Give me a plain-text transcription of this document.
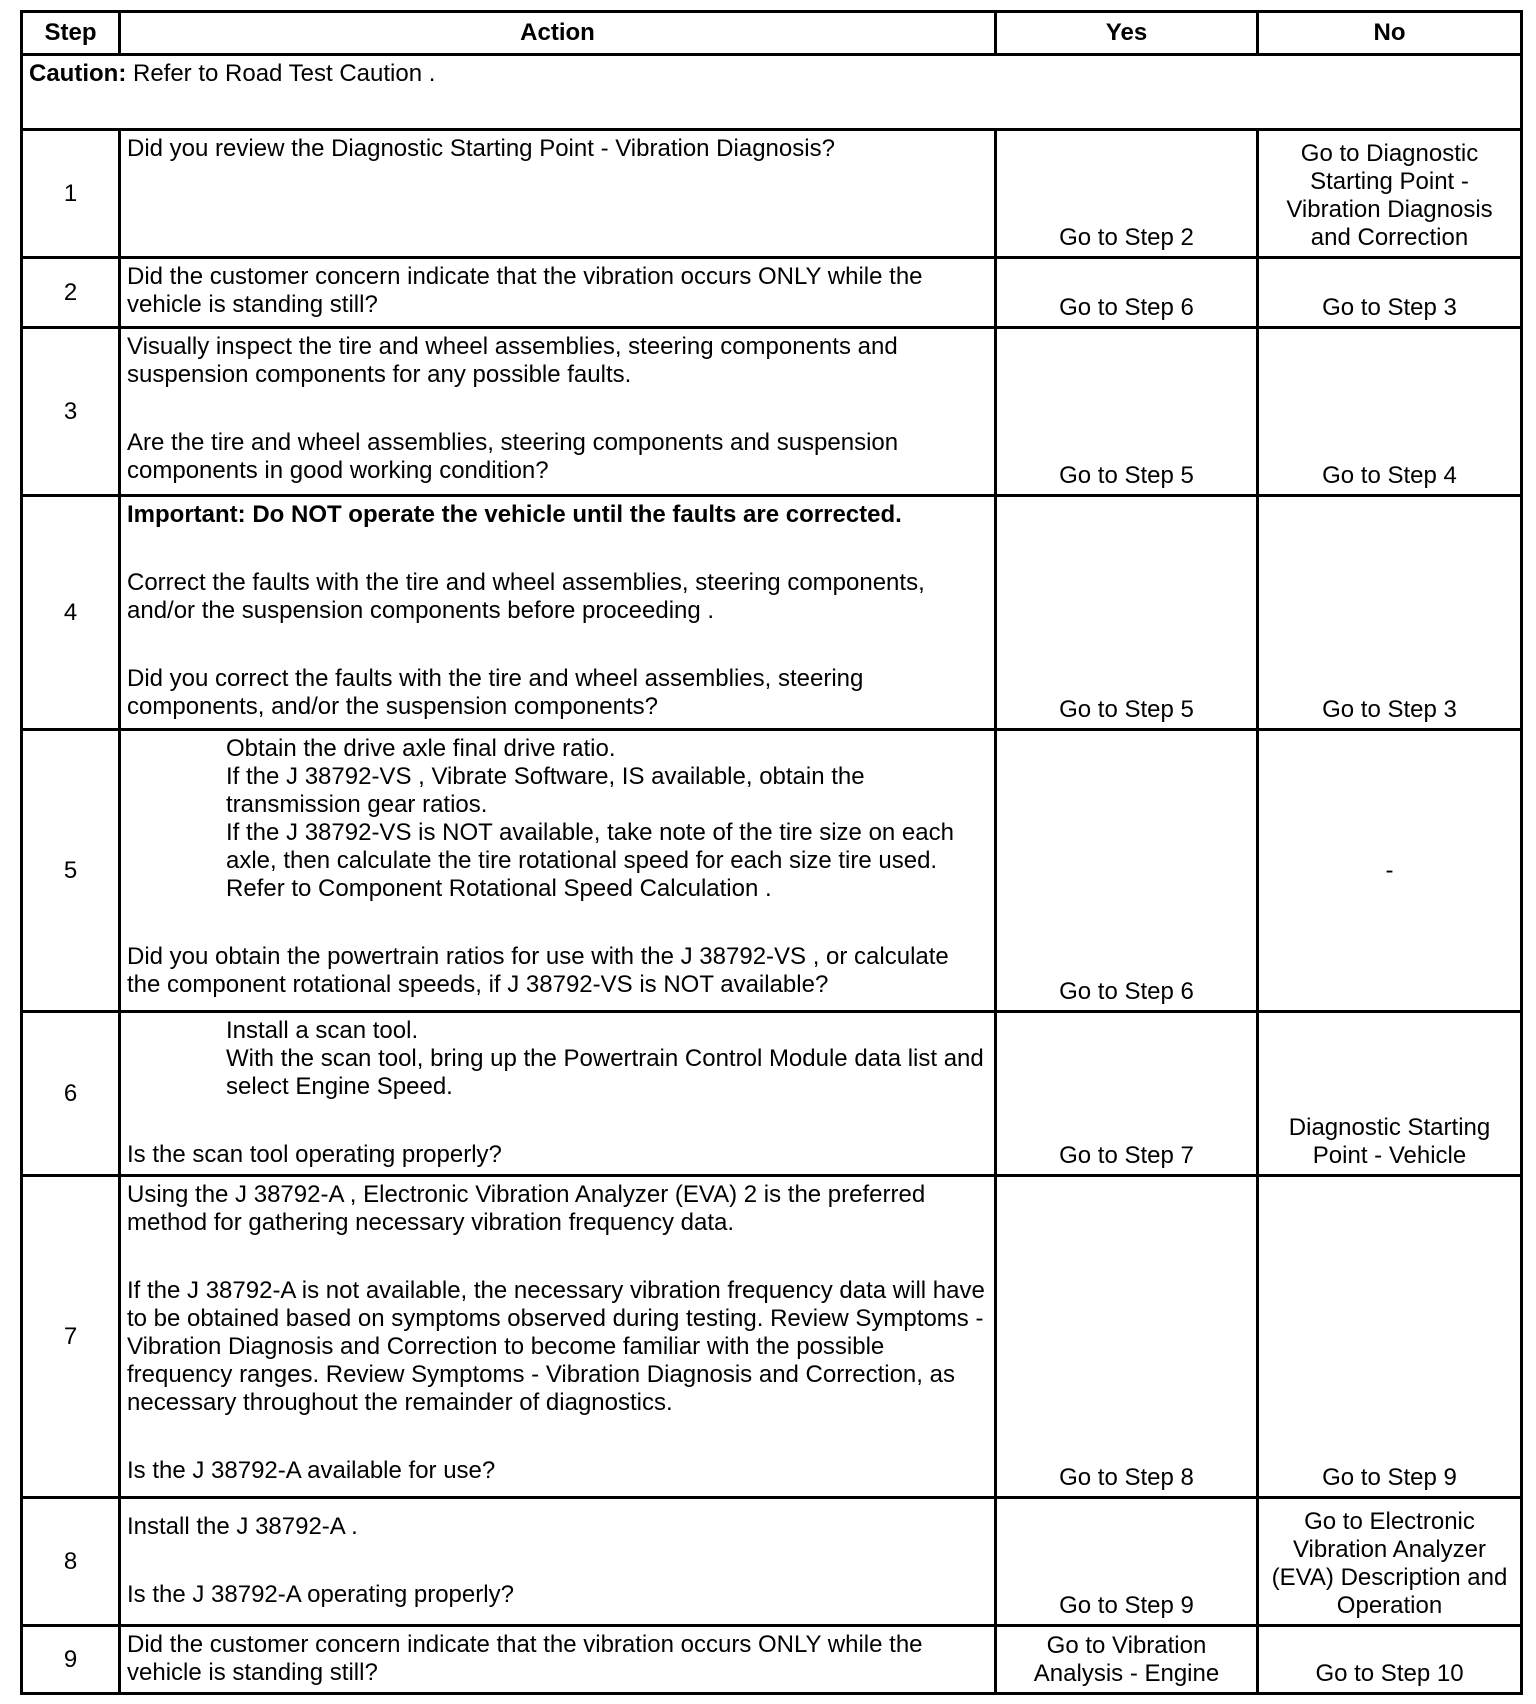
Step	Action	Yes	No
Caution: Refer to Road Test Caution .			
1	Did you review the Diagnostic Starting Point - Vibration Diagnosis?	Go to Step 2	Go to Diagnostic Starting Point - Vibration Diagnosis and Correction
2	Did the customer concern indicate that the vibration occurs ONLY while the vehicle is standing still?	Go to Step 6	Go to Step 3
3	Visually inspect the tire and wheel assemblies, steering components and suspension components for any possible faults.
Are the tire and wheel assemblies, steering components and suspension components in good working condition?	Go to Step 5	Go to Step 4
4	Important: Do NOT operate the vehicle until the faults are corrected.
Correct the faults with the tire and wheel assemblies, steering components, and/or the suspension components before proceeding .
Did you correct the faults with the tire and wheel assemblies, steering components, and/or the suspension components?	Go to Step 5	Go to Step 3
5	Obtain the drive axle final drive ratio.
If the J 38792-VS , Vibrate Software, IS available, obtain the transmission gear ratios.
If the J 38792-VS is NOT available, take note of the tire size on each axle, then calculate the tire rotational speed for each size tire used. Refer to Component Rotational Speed Calculation .
Did you obtain the powertrain ratios for use with the J 38792-VS , or calculate the component rotational speeds, if J 38792-VS is NOT available?	Go to Step 6	-
6	Install a scan tool.
With the scan tool, bring up the Powertrain Control Module data list and select Engine Speed.
Is the scan tool operating properly?	Go to Step 7	Diagnostic Starting Point - Vehicle
7	Using the J 38792-A , Electronic Vibration Analyzer (EVA) 2 is the preferred method for gathering necessary vibration frequency data.
If the J 38792-A is not available, the necessary vibration frequency data will have to be obtained based on symptoms observed during testing. Review Symptoms - Vibration Diagnosis and Correction to become familiar with the possible frequency ranges. Review Symptoms - Vibration Diagnosis and Correction, as necessary throughout the remainder of diagnostics.
Is the J 38792-A available for use?	Go to Step 8	Go to Step 9
8	Install the J 38792-A .
Is the J 38792-A operating properly?	Go to Step 9	Go to Electronic Vibration Analyzer (EVA) Description and Operation
9	Did the customer concern indicate that the vibration occurs ONLY while the vehicle is standing still?	Go to Vibration Analysis - Engine	Go to Step 10
